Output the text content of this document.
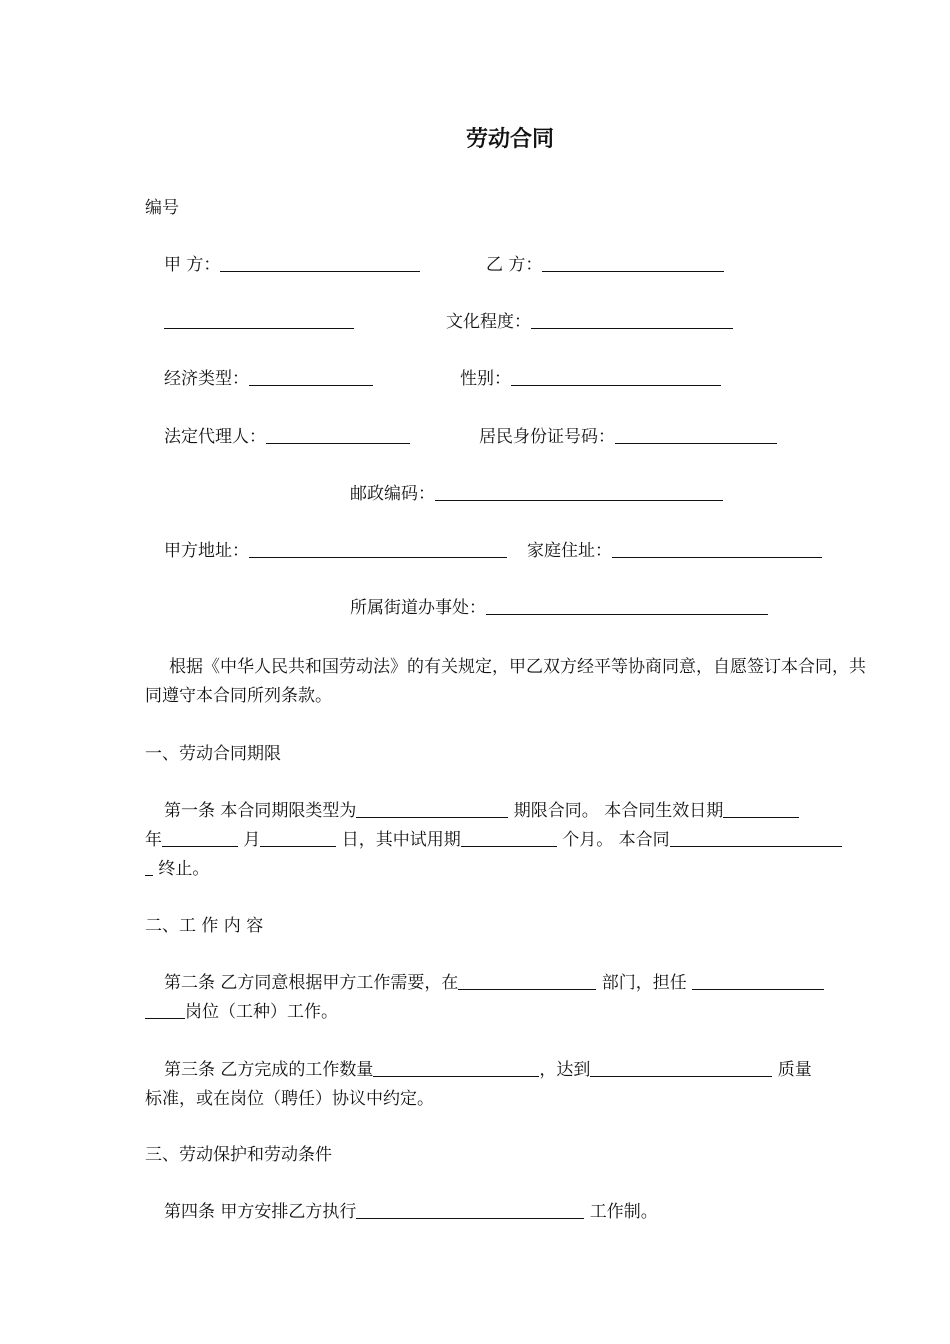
劳动合同
编号
甲 方：	乙 方：
文化程度：
经济类型：	性别：
法定代理人：	居民身份证号码：
邮政编码：
甲方地址：	家庭住址：
所属街道办事处：
根据《中华人民共和国劳动法》的有关规定，甲乙双方经平等协商同意，自愿签订本合同，共同遵守本合同所列条款。
一、劳动合同期限
第一条 本合同期限类型为	期限合同。 本合同生效日期
年	月	日，其中试用期	个月。 本合同
终止。
二、工 作 内 容
第二条 乙方同意根据甲方工作需要，在	部门，担任
岗位（工种）工作。
第三条 乙方完成的工作数量	，达到	质量
标准，或在岗位（聘任）协议中约定。
三、劳动保护和劳动条件
第四条 甲方安排乙方执行	工作制。
